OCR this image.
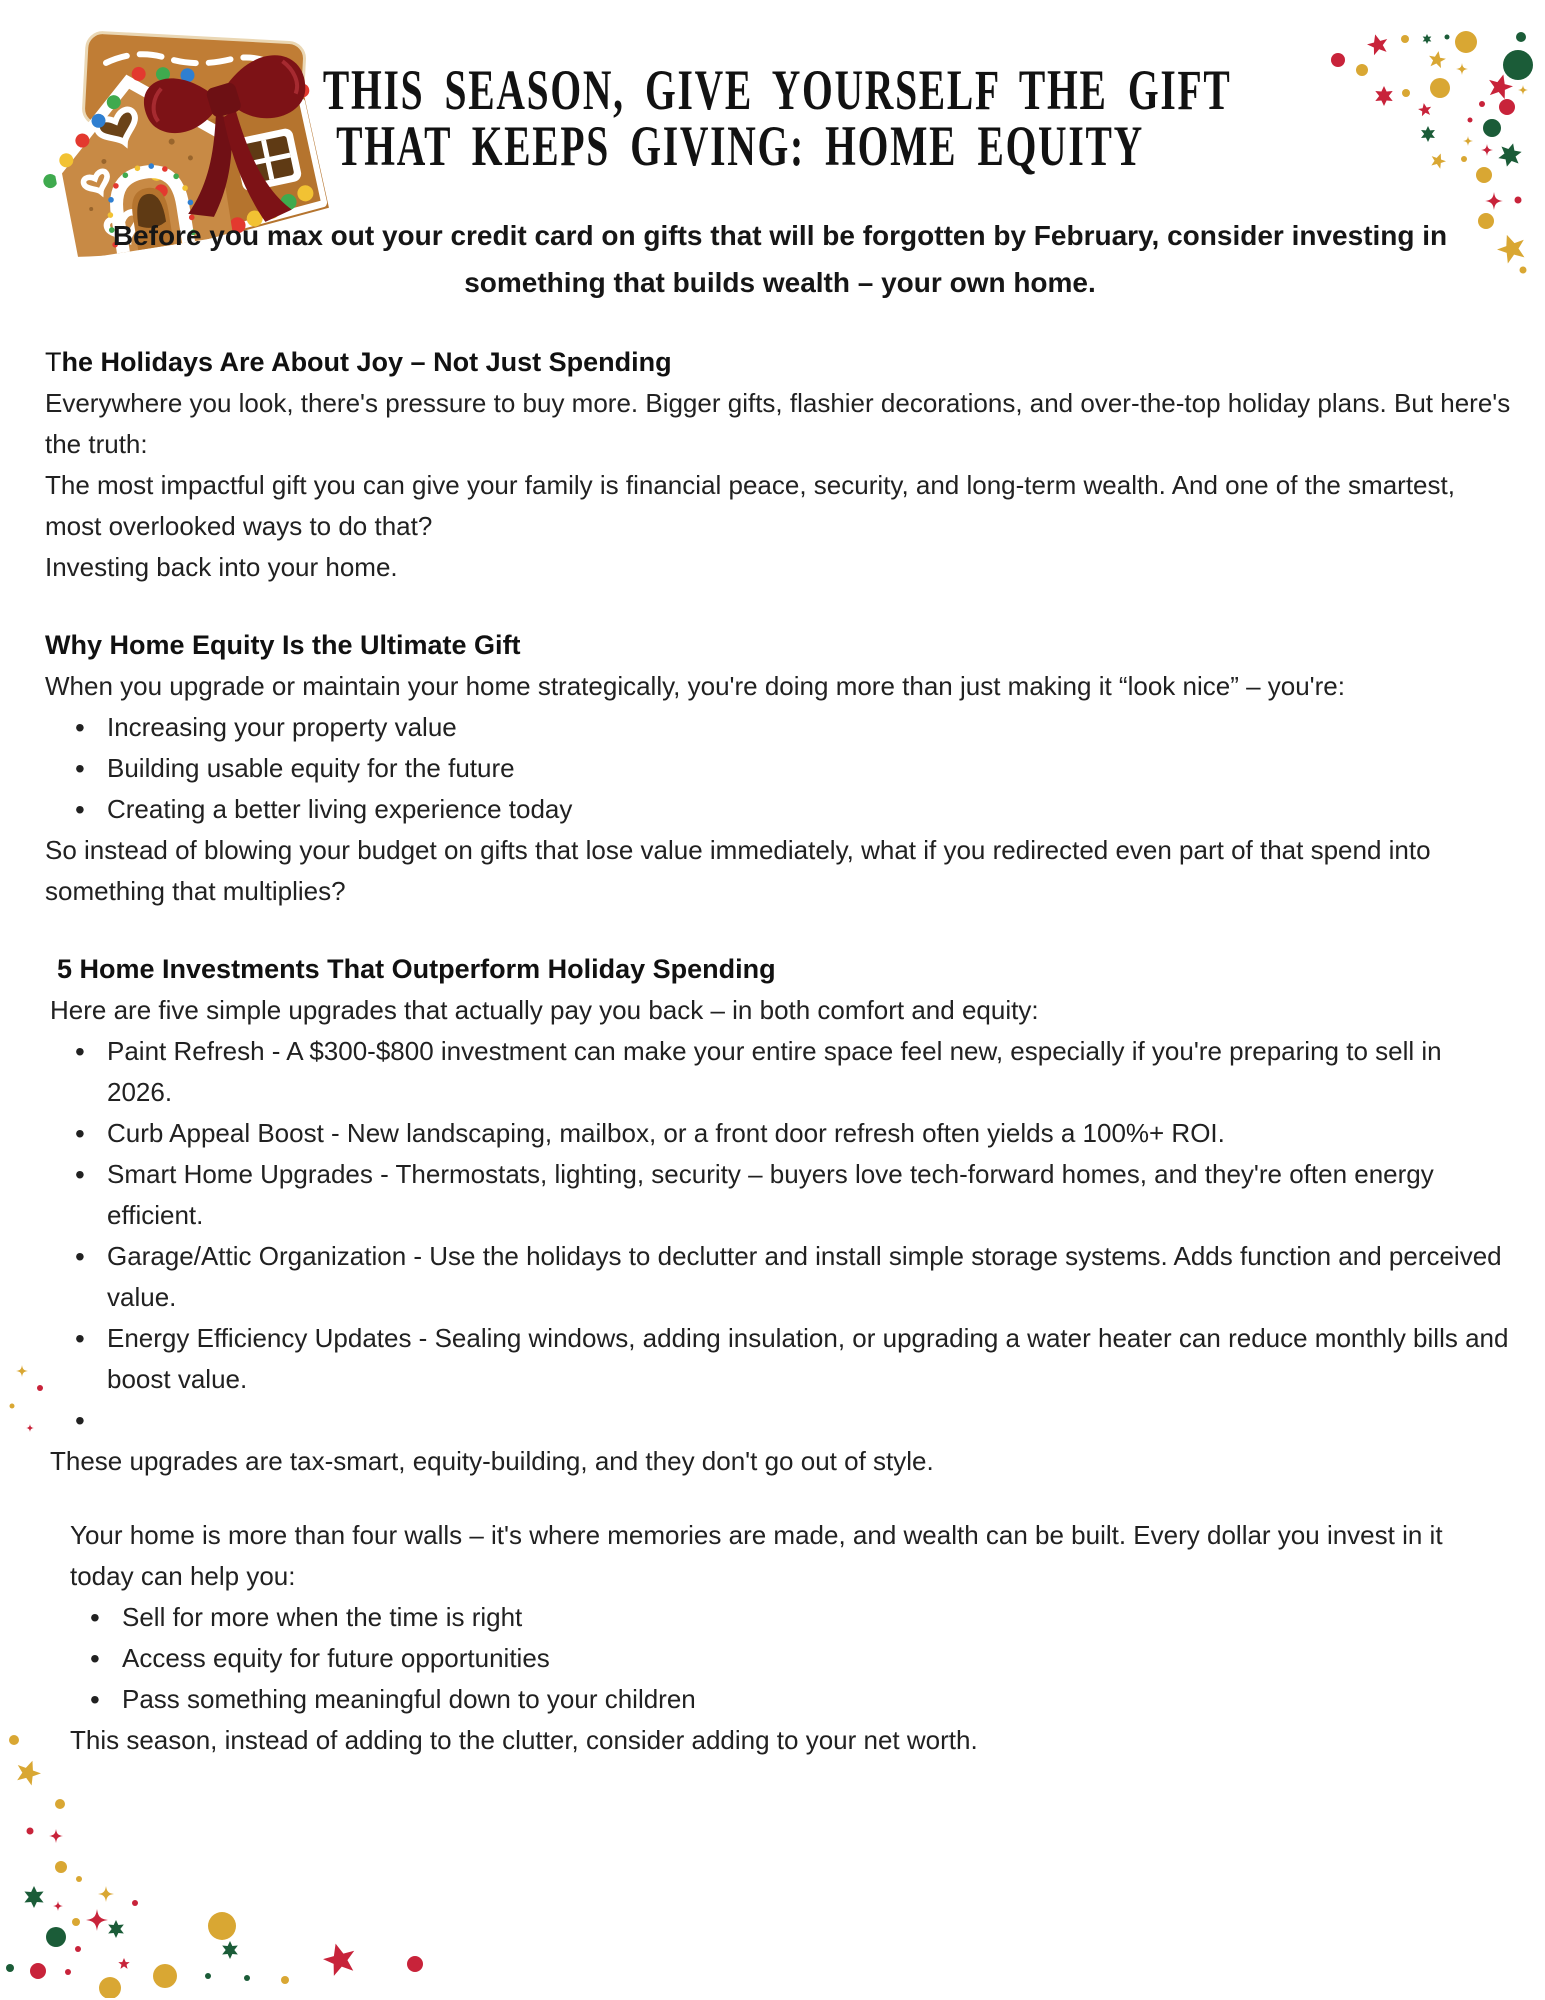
THIS SEASON, GIVE YOURSELF THE GIFT
THAT KEEPS GIVING: HOME EQUITY

Before you max out your credit card on gifts that will be forgotten by February, consider investing in something that builds wealth – your own home.

The Holidays Are About Joy – Not Just Spending

Everywhere you look, there's pressure to buy more. Bigger gifts, flashier decorations, and over-the-top holiday plans. But here's the truth:

The most impactful gift you can give your family is financial peace, security, and long-term wealth. And one of the smartest, most overlooked ways to do that?

Investing back into your home.

Why Home Equity Is the Ultimate Gift

When you upgrade or maintain your home strategically, you're doing more than just making it “look nice” – you're:

• Increasing your property value
• Building usable equity for the future
• Creating a better living experience today

So instead of blowing your budget on gifts that lose value immediately, what if you redirected even part of that spend into something that multiplies?

5 Home Investments That Outperform Holiday Spending

Here are five simple upgrades that actually pay you back – in both comfort and equity:

• Paint Refresh - A $300-$800 investment can make your entire space feel new, especially if you're preparing to sell in 2026.
• Curb Appeal Boost - New landscaping, mailbox, or a front door refresh often yields a 100%+ ROI.
• Smart Home Upgrades - Thermostats, lighting, security – buyers love tech-forward homes, and they're often energy efficient.
• Garage/Attic Organization - Use the holidays to declutter and install simple storage systems. Adds function and perceived value.
• Energy Efficiency Updates - Sealing windows, adding insulation, or upgrading a water heater can reduce monthly bills and boost value.
•

These upgrades are tax-smart, equity-building, and they don't go out of style.

Your home is more than four walls – it's where memories are made, and wealth can be built. Every dollar you invest in it today can help you:

• Sell for more when the time is right
• Access equity for future opportunities
• Pass something meaningful down to your children

This season, instead of adding to the clutter, consider adding to your net worth.
